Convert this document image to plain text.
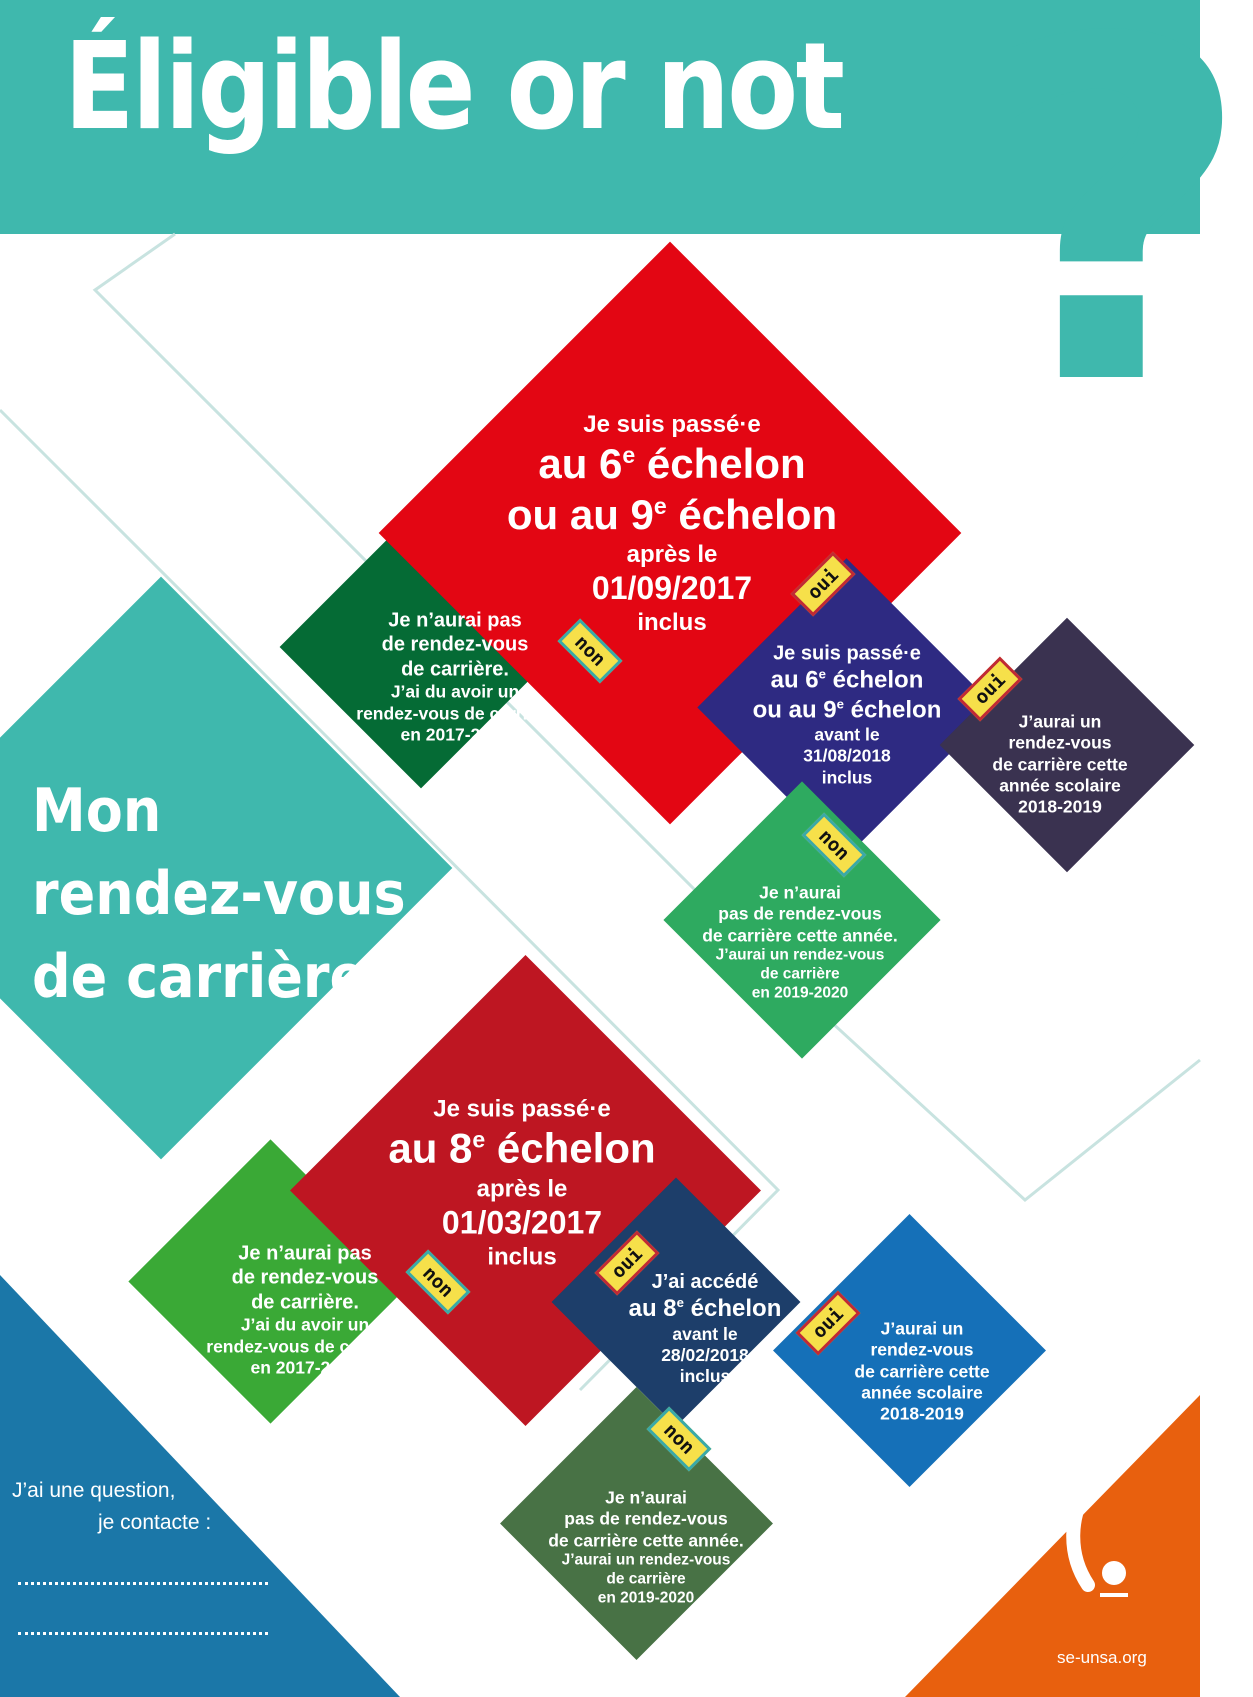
Éligible or not ?
Mon
rendez-vous
de carrière
Je suis passé·e
au 6e échelon
ou au 9e échelon
après le
01/09/2017
inclus
Je n’aurai pas
de rendez-vous
de carrière.
J’ai du avoir un
rendez-vous de carrière
en 2017-2018
Je suis passé·e
au 6e échelon
ou au 9e échelon
avant le
31/08/2018
inclus
J’aurai un
rendez-vous
de carrière cette
année scolaire
2018-2019
Je n’aurai
pas de rendez-vous
de carrière cette année.
J’aurai un rendez-vous
de carrière
en 2019-2020
Je suis passé·e
au 8e échelon
après le
01/03/2017
inclus
Je n’aurai pas
de rendez-vous
de carrière.
J’ai du avoir un
rendez-vous de carrière
en 2017-2018
J’ai accédé
au 8e échelon
avant le
28/02/2018
inclus
J’aurai un
rendez-vous
de carrière cette
année scolaire
2018-2019
Je n’aurai
pas de rendez-vous
de carrière cette année.
J’aurai un rendez-vous
de carrière
en 2019-2020
non
oui
oui
non
non	oui
oui
non
J’ai une question,
je contacte :
se-unsa.org
